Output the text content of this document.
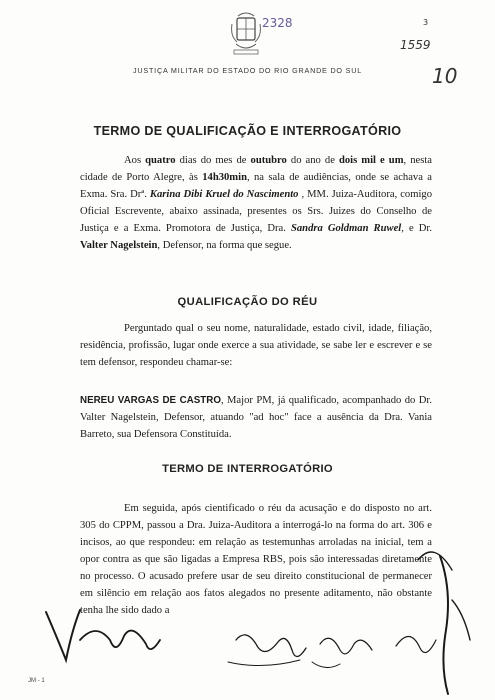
2328	3
1559
10
JUSTIÇA MILITAR DO ESTADO DO RIO GRANDE DO SUL
TERMO DE QUALIFICAÇÃO E INTERROGATÓRIO

Aos quatro dias do mes de outubro do ano de dois mil e um, nesta cidade de Porto Alegre, às 14h30min, na sala de audiências, onde se achava a Exma. Sra. Drª. Karina Dibi Kruel do Nascimento , MM. Juiza-Auditora, comigo Oficial Escrevente, abaixo assinada, presentes os Srs. Juizes do Conselho de Justiça e a Exma. Promotora de Justiça, Dra. Sandra Goldman Ruwel, e Dr. Valter Nagelstein, Defensor, na forma que segue.

QUALIFICAÇÃO DO RÉU

Perguntado qual o seu nome, naturalidade, estado civil, idade, filiação, residência, profissão, lugar onde exerce a sua atividade, se sabe ler e escrever e se tem defensor, respondeu chamar-se:

NEREU VARGAS DE CASTRO, Major PM, já qualificado, acompanhado do Dr. Valter Nagelstein, Defensor, atuando "ad hoc" face a ausência da Dra. Vania Barreto, sua Defensora Constituída.

TERMO DE INTERROGATÓRIO

Em seguida, após cientificado o réu da acusação e do disposto no art. 305 do CPPM, passou a Dra. Juiza-Auditora a interrogá-lo na forma do art. 306 e incisos, ao que respondeu: em relação as testemunhas arroladas na inicial, tem a opor contra as que são ligadas a Empresa RBS, pois são interessadas diretamente no processo. O acusado prefere usar de seu direito constitucional de permanecer em silêncio em relação aos fatos alegados no presente aditamento, não obstante tenha lhe sido dado a

JM - 1
